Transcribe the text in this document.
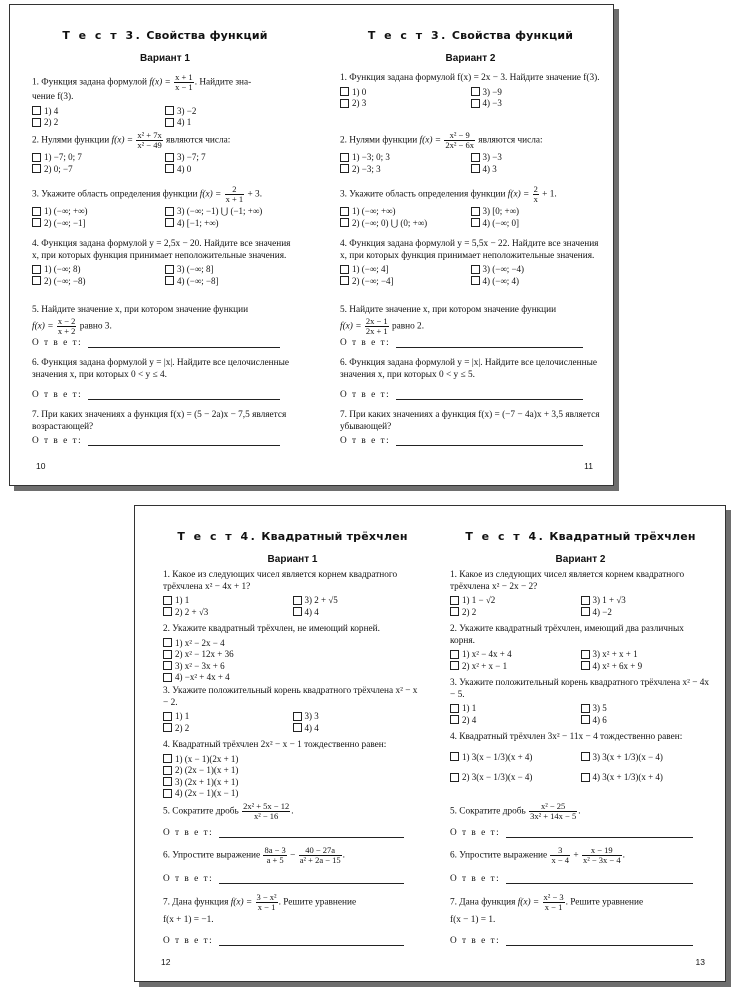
Т е с т 3. Свойства функций
Вариант 1
1. Функция задана формулой $f(x) = \frac{x + 1}{x - 1}$ . Найдите зна-
чение f(3).
1) 4	3) −2
2) 2	4) 1
2. Нулями функции $f(x) = \frac{\text{x² + 7x}}{\text{x² − 49}}$ являются числа:
1) −7; 0; 7	3) −7; 7
2) 0; −7	4) 0
3. Укажите область определения функции $f(x) = \frac{2}{x + 1} + 3$.
1) (−∞; +∞)	3) (−∞; −1) ⋃ (−1; +∞)
2) (−∞; −1]	4) [−1; +∞)
4. Функция задана формулой y = 2,5x − 20. Найдите все значения x, при которых функция принимает неположительные значения.
1) (−∞; 8)	3) (−∞; 8]
2) (−∞; −8)	4) (−∞; −8]
5. Найдите значение x, при котором значение функции
$f(x) = \frac{x - 2}{x + 2}$ равно 3.
О т в е т:
6. Функция задана формулой y = |x|. Найдите все целочисленные значения x, при которых 0 < y ≤ 4.
О т в е т:
7. При каких значениях a функция f(x) = (5 − 2a)x − 7,5 является возрастающей?
О т в е т:
10
Т е с т 3. Свойства функций
Вариант 2
1. Функция задана формулой f(x) = 2x − 3. Найдите значение f(3).
1) 0	3) −9
2) 3	4) −3
2. Нулями функции $f(x) = \frac{\text{x² − 9}}{\text{2x² − 6x}}$ являются числа:
1) −3; 0; 3	3) −3
2) −3; 3	4) 3
3. Укажите область определения функции $f(x) = \frac{2}{x} + 1$.
1) (−∞; +∞)	3) [0; +∞)
2) (−∞; 0) ⋃ (0; +∞)	4) (−∞; 0]
4. Функция задана формулой y = 5,5x − 22. Найдите все значения x, при которых функция принимает неположительные значения.
1) (−∞; 4]	3) (−∞; −4)
2) (−∞; −4]	4) (−∞; 4)
5. Найдите значение x, при котором значение функции
$f(x) = \frac{2x - 1}{2x + 1}$ равно 2.
О т в е т:
6. Функция задана формулой y = |x|. Найдите все целочисленные значения x, при которых 0 < y ≤ 5.
О т в е т:
7. При каких значениях a функция f(x) = (−7 − 4a)x + 3,5 является убывающей?
О т в е т:
11
Т е с т 4. Квадратный трёхчлен
Вариант 1
1. Какое из следующих чисел является корнем квадратного трёхчлена x² − 4x + 1?
1) 1	3) 2 + √5
2) 2 + √3	4) 4
2. Укажите квадратный трёхчлен, не имеющий корней.
1) x² − 2x − 4
2) x² − 12x + 36
3) x² − 3x + 6
4) −x² + 4x + 4
3. Укажите положительный корень квадратного трёхчлена x² − x − 2.
1) 1	3) 3
2) 2	4) 4
4. Квадратный трёхчлен 2x² − x − 1 тождественно равен:
1) (x − 1)(2x + 1)
2) (2x − 1)(x + 1)
3) (2x + 1)(x + 1)
4) (2x − 1)(x − 1)
5. Сократите дробь $\frac{\text{2x² + 5x − 12}}{\text{x² − 16}}$ .
О т в е т:
6. Упростите выражение $\frac{8a - 3}{a + 5} - \frac{40 - 27a}{\text{a² + 2a − 15}}$ .
О т в е т:
7. Дана функция $f(x) = \frac{\text{3 − x²}}{x - 1}$ . Решите уравнение
f(x + 1) = −1.
О т в е т:
12
Т е с т 4. Квадратный трёхчлен
Вариант 2
1. Какое из следующих чисел является корнем квадратного трёхчлена x² − 2x − 2?
1) 1 − √2	3) 1 + √3
2) 2	4) −2
2. Укажите квадратный трёхчлен, имеющий два различных корня.
1) x² − 4x + 4	3) x² + x + 1
2) x² + x − 1	4) x² + 6x + 9
3. Укажите положительный корень квадратного трёхчлена x² − 4x − 5.
1) 1	3) 5
2) 4	4) 6
4. Квадратный трёхчлен 3x² − 11x − 4 тождественно равен:
1) 3(x − 1/3)(x + 4)	3) 3(x + 1/3)(x − 4)
2) 3(x − 1/3)(x − 4)	4) 3(x + 1/3)(x + 4)
5. Сократите дробь $\frac{\text{x² − 25}}{\text{3x² + 14x − 5}}$ .
О т в е т:
6. Упростите выражение $\frac{3}{x - 4} + \frac{x - 19}{\text{x² − 3x − 4}}$ .
О т в е т:
7. Дана функция $f(x) = \frac{\text{x² − 3}}{x - 1}$ . Решите уравнение
f(x − 1) = 1.
О т в е т:
13
